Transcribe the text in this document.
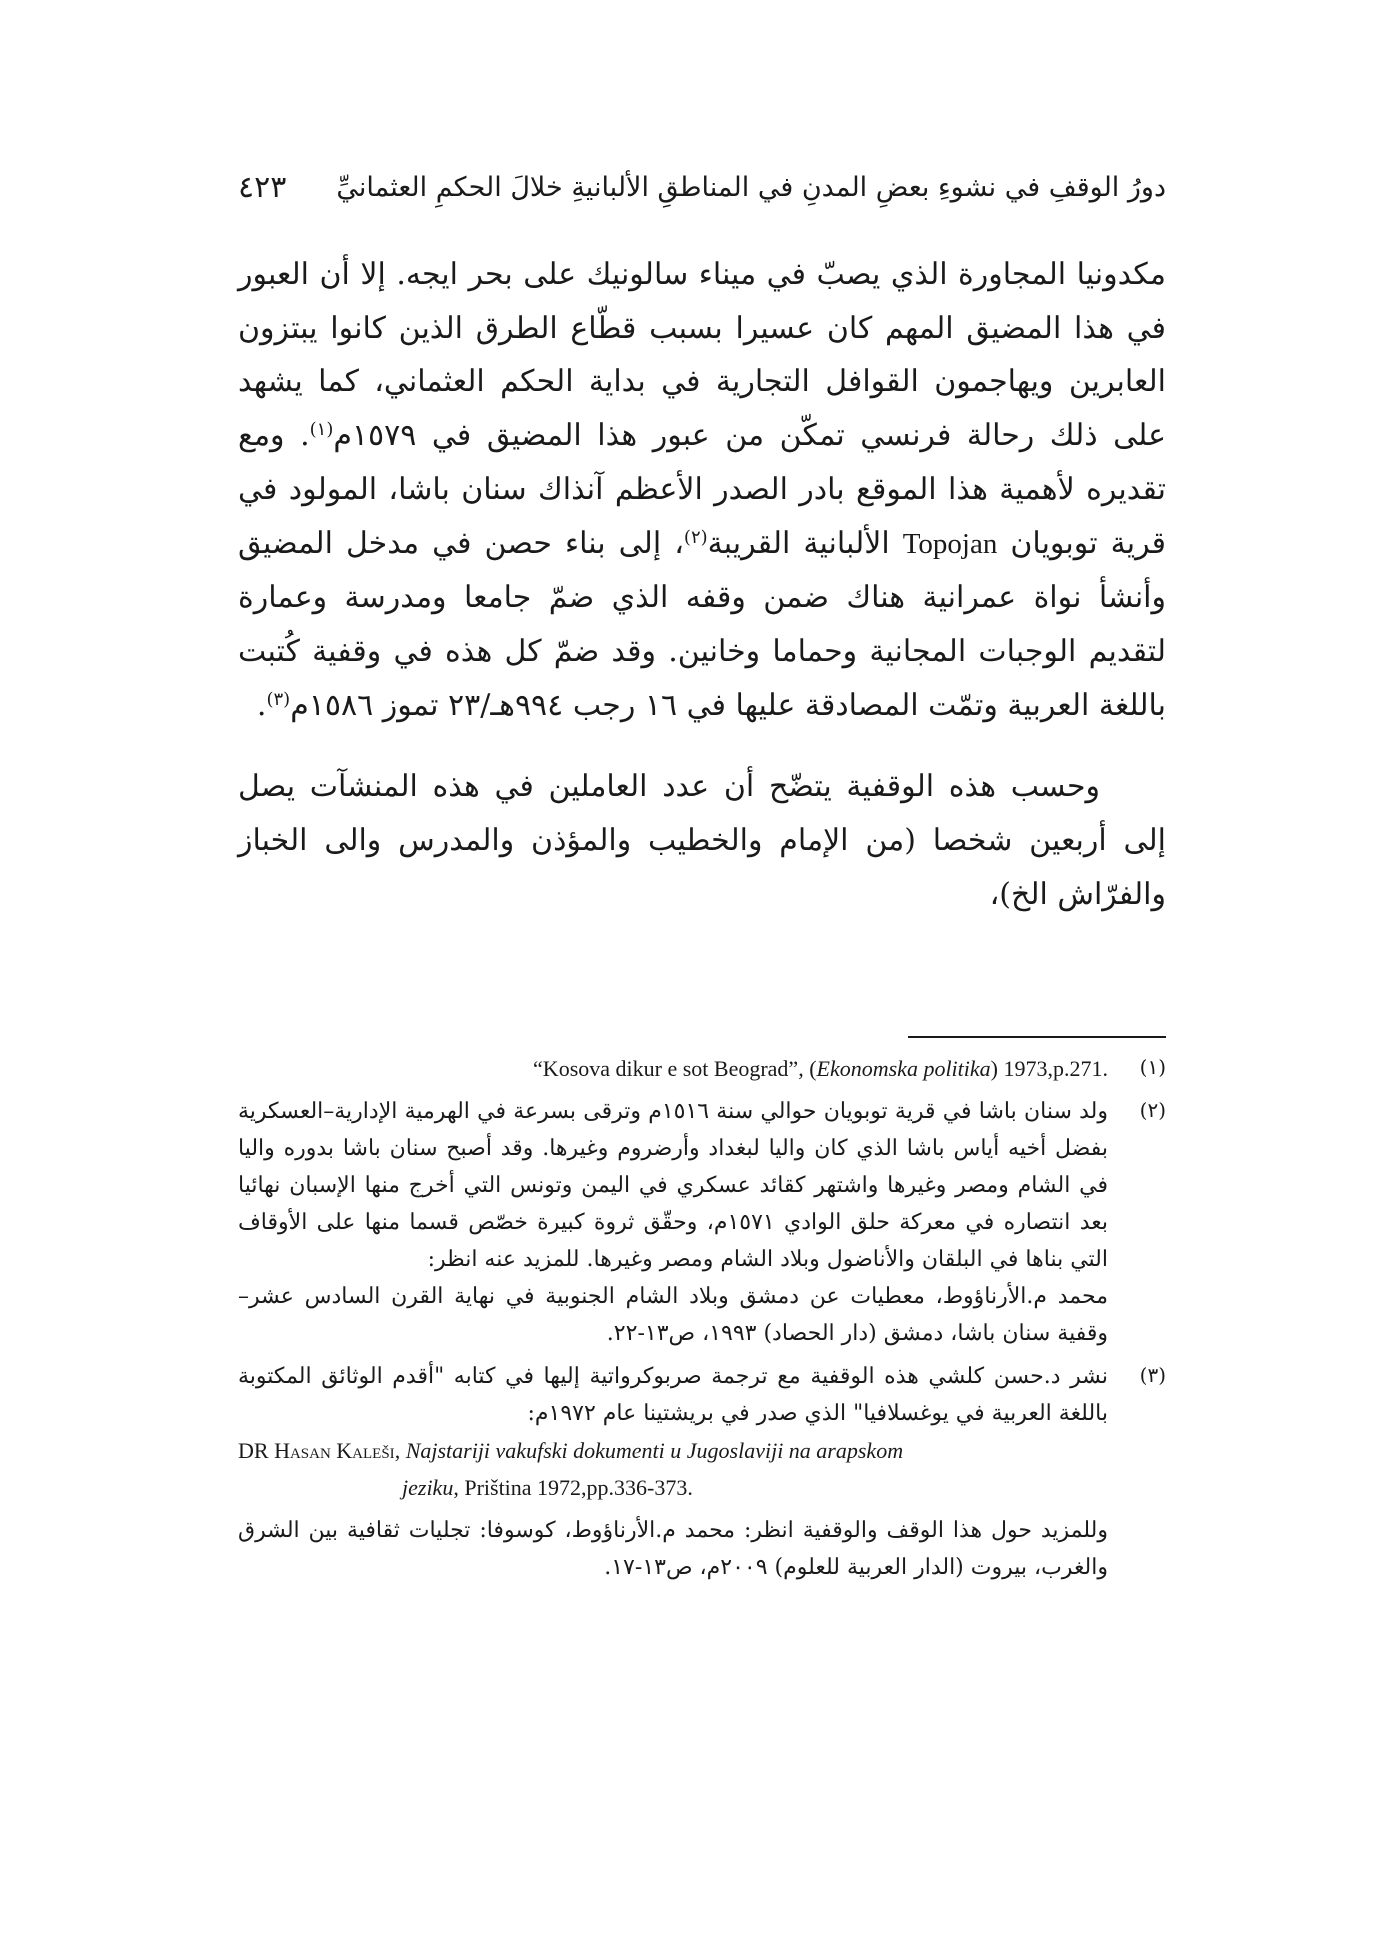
دورُ الوقفِ في نشوءِ بعضِ المدنِ في المناطقِ الألبانيةِ خلالَ الحكمِ العثمانيِّ
٤٢٣

مكدونيا المجاورة الذي يصبّ في ميناء سالونيك على بحر ايجه. إلا أن العبور في هذا المضيق المهم كان عسيرا بسبب قطّاع الطرق الذين كانوا يبتزون العابرين ويهاجمون القوافل التجارية في بداية الحكم العثماني، كما يشهد على ذلك رحالة فرنسي تمكّن من عبور هذا المضيق في ١٥٧٩م$^{(١)}$. ومع تقديره لأهمية هذا الموقع بادر الصدر الأعظم آنذاك سنان باشا، المولود في قرية توبويان Topojan الألبانية القريبة$^{(٢)}$، إلى بناء حصن في مدخل المضيق وأنشأ نواة عمرانية هناك ضمن وقفه الذي ضمّ جامعا ومدرسة وعمارة لتقديم الوجبات المجانية وحماما وخانين. وقد ضمّ كل هذه في وقفية كُتبت باللغة العربية وتمّت المصادقة عليها في ١٦ رجب ٩٩٤هـ/٢٣ تموز ١٥٨٦م$^{(٣)}$.

وحسب هذه الوقفية يتضّح أن عدد العاملين في هذه المنشآت يصل إلى أربعين شخصا (من الإمام والخطيب والمؤذن والمدرس والى الخباز والفرّاش الخ)،

(١)

“Kosova dikur e sot Beograd”, (Ekonomska politika) 1973,p.271.

(٢)

ولد سنان باشا في قرية توبويان حوالي سنة ١٥١٦م وترقى بسرعة في الهرمية الإدارية–العسكرية بفضل أخيه أياس باشا الذي كان واليا لبغداد وأرضروم وغيرها. وقد أصبح سنان باشا بدوره واليا في الشام ومصر وغيرها واشتهر كقائد عسكري في اليمن وتونس التي أخرج منها الإسبان نهائيا بعد انتصاره في معركة حلق الوادي ١٥٧١م، وحقّق ثروة كبيرة خصّص قسما منها على الأوقاف التي بناها في البلقان والأناضول وبلاد الشام ومصر وغيرها. للمزيد عنه انظر:

محمد م.الأرناؤوط، معطيات عن دمشق وبلاد الشام الجنوبية في نهاية القرن السادس عشر–وقفية سنان باشا، دمشق (دار الحصاد) ١٩٩٣، ص١٣-٢٢.

(٣)

نشر د.حسن كلشي هذه الوقفية مع ترجمة صربوكرواتية إليها في كتابه "أقدم الوثائق المكتوبة باللغة العربية في يوغسلافيا" الذي صدر في بريشتينا عام ١٩٧٢م:

DR Hasan Kaleši, Najstariji vakufski dokumenti u Jugoslaviji na arapskom

jeziku, Priština 1972,pp.336-373.

وللمزيد حول هذا الوقف والوقفية انظر: محمد م.الأرناؤوط، كوسوفا: تجليات ثقافية بين الشرق والغرب، بيروت (الدار العربية للعلوم) ٢٠٠٩م، ص١٣-١٧.
